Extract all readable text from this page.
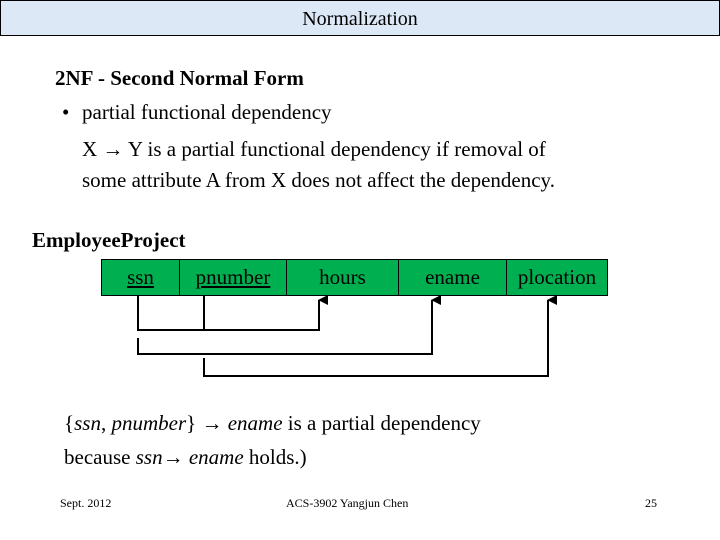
Normalization
2NF - Second Normal Form
• partial functional dependency
X → Y is a partial functional dependency if removal of
some attribute A from X does not affect the dependency.
EmployeeProject
ssn	pnumber	hours	ename	plocation
{ssn, pnumber} → ename is a partial dependency
because ssn→ ename holds.)
Sept. 2012	ACS-3902 Yangjun Chen	25
